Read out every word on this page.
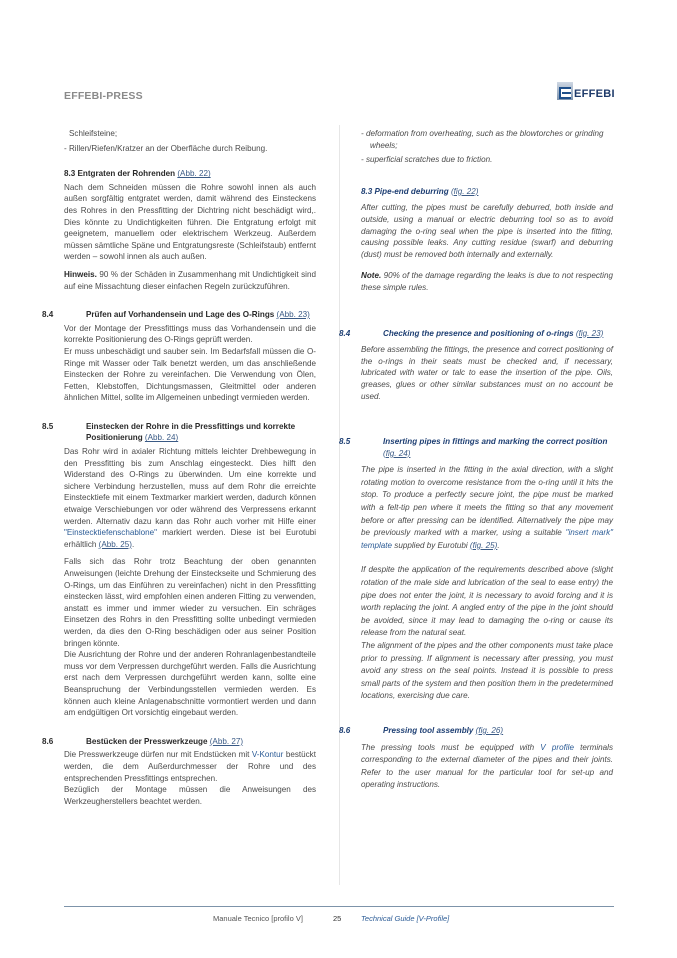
EFFEBI-PRESS	EFFEBI

Schleifsteine;

- Rillen/Riefen/Kratzer an der Oberfläche durch Reibung.

8.3 Entgraten der Rohrenden (Abb. 22)

Nach dem Schneiden müssen die Rohre sowohl innen als auch außen sorgfältig entgratet werden, damit während des Einsteckens des Rohres in den Pressfitting der Dichtring nicht beschädigt wird,. Dies könnte zu Undichtigkeiten führen. Die Entgratung erfolgt mit geeignetem, manuellem oder elektrischem Werkzeug. Außerdem müssen sämtliche Späne und Entgratungsreste (Schleifstaub) entfernt werden – sowohl innen als auch außen.

Hinweis. 90 % der Schäden in Zusammenhang mit Undichtigkeit sind auf eine Missachtung dieser einfachen Regeln zurückzuführen.

8.4	Prüfen auf Vorhandensein und Lage des O-Rings (Abb. 23)

Vor der Montage der Pressfittings muss das Vorhandensein und die korrekte Positionierung des O-Rings geprüft werden.

Er muss unbeschädigt und sauber sein. Im Bedarfsfall müssen die O-Ringe mit Wasser oder Talk benetzt werden, um das anschließende Einstecken der Rohre zu vereinfachen. Die Verwendung von Ölen, Fetten, Klebstoffen, Dichtungsmassen, Gleitmittel oder anderen ähnlichen Mittel, sollte im Allgemeinen unbedingt vermieden werden.

8.5	Einstecken der Rohre in die Pressfittings und korrekte Positionierung (Abb. 24)

Das Rohr wird in axialer Richtung mittels leichter Drehbewegung in den Pressfitting bis zum Anschlag eingesteckt. Dies hilft den Widerstand des O-Rings zu überwinden. Um eine korrekte und sichere Verbindung herzustellen, muss auf dem Rohr die erreichte Einstecktiefe mit einem Textmarker markiert werden, dadurch können etwaige Verschiebungen vor oder während des Verpressens erkannt werden. Alternativ dazu kann das Rohr auch vorher mit Hilfe einer "Einstecktiefenschablone" markiert werden. Diese ist bei Eurotubi erhältlich (Abb. 25).

Falls sich das Rohr trotz Beachtung der oben genannten Anweisungen (leichte Drehung der Einsteckseite und Schmierung des O-Rings, um das Einführen zu vereinfachen) nicht in den Pressfitting einstecken lässt, wird empfohlen einen anderen Fitting zu verwenden, anstatt es immer und immer wieder zu versuchen. Ein schräges Einsetzen des Rohrs in den Pressfitting sollte unbedingt vermieden werden, da dies den O-Ring beschädigen oder aus seiner Position bringen könnte.

Die Ausrichtung der Rohre und der anderen Rohranlagenbestandteile muss vor dem Verpressen durchgeführt werden. Falls die Ausrichtung erst nach dem Verpressen durchgeführt werden kann, sollte eine Beanspruchung der Verbindungsstellen vermieden werden. Es können auch kleine Anlagenabschnitte vormontiert werden und dann am endgültigen Ort vorsichtig eingebaut werden.

8.6	Bestücken der Presswerkzeuge (Abb. 27)

Die Presswerkzeuge dürfen nur mit Endstücken mit V-Kontur bestückt werden, die dem Außerdurchmesser der Rohre und des entsprechenden Pressfittings entsprechen.

Bezüglich der Montage müssen die Anweisungen des Werkzeugherstellers beachtet werden.

- deformation from overheating, such as the blowtorches or grinding wheels;

- superficial scratches due to friction.

8.3 Pipe-end deburring (fig. 22)

After cutting, the pipes must be carefully deburred, both inside and outside, using a manual or electric deburring tool so as to avoid damaging the o-ring seal when the pipe is inserted into the fitting, causing possible leaks. Any cutting residue (swarf) and deburring (dust) must be removed both internally and externally.

Note. 90% of the damage regarding the leaks is due to not respecting these simple rules.

8.4	Checking the presence and positioning of o-rings (fig. 23)

Before assembling the fittings, the presence and correct positioning of the o-rings in their seats must be checked and, if necessary, lubricated with water or talc to ease the insertion of the pipe. Oils, greases, glues or other similar substances must on no account be used.

8.5	Inserting pipes in fittings and marking the correct position (fig. 24)

The pipe is inserted in the fitting in the axial direction, with a slight rotating motion to overcome resistance from the o-ring until it hits the stop. To produce a perfectly secure joint, the pipe must be marked with a felt-tip pen where it meets the fitting so that any movement before or after pressing can be identified. Alternatively the pipe may be previously marked with a marker, using a suitable "insert mark" template supplied by Eurotubi (fig. 25).

If despite the application of the requirements described above (slight rotation of the male side and lubrication of the seal to ease entry) the pipe does not enter the joint, it is necessary to avoid forcing and it is worth replacing the joint. A angled entry of the pipe in the joint should be avoided, since it may lead to damaging the o-ring or cause its release from the natural seat.

The alignment of the pipes and the other components must take place prior to pressing. If alignment is necessary after pressing, you must avoid any stress on the seal points. Instead it is possible to press small parts of the system and then position them in the predetermined locations, exercising due care.

8.6	Pressing tool assembly (fig. 26)

The pressing tools must be equipped with V profile terminals corresponding to the external diameter of the pipes and their joints. Refer to the user manual for the particular tool for set-up and operating instructions.

Manuale Tecnico [profilo V]	25	Technical Guide [V-Profile]
